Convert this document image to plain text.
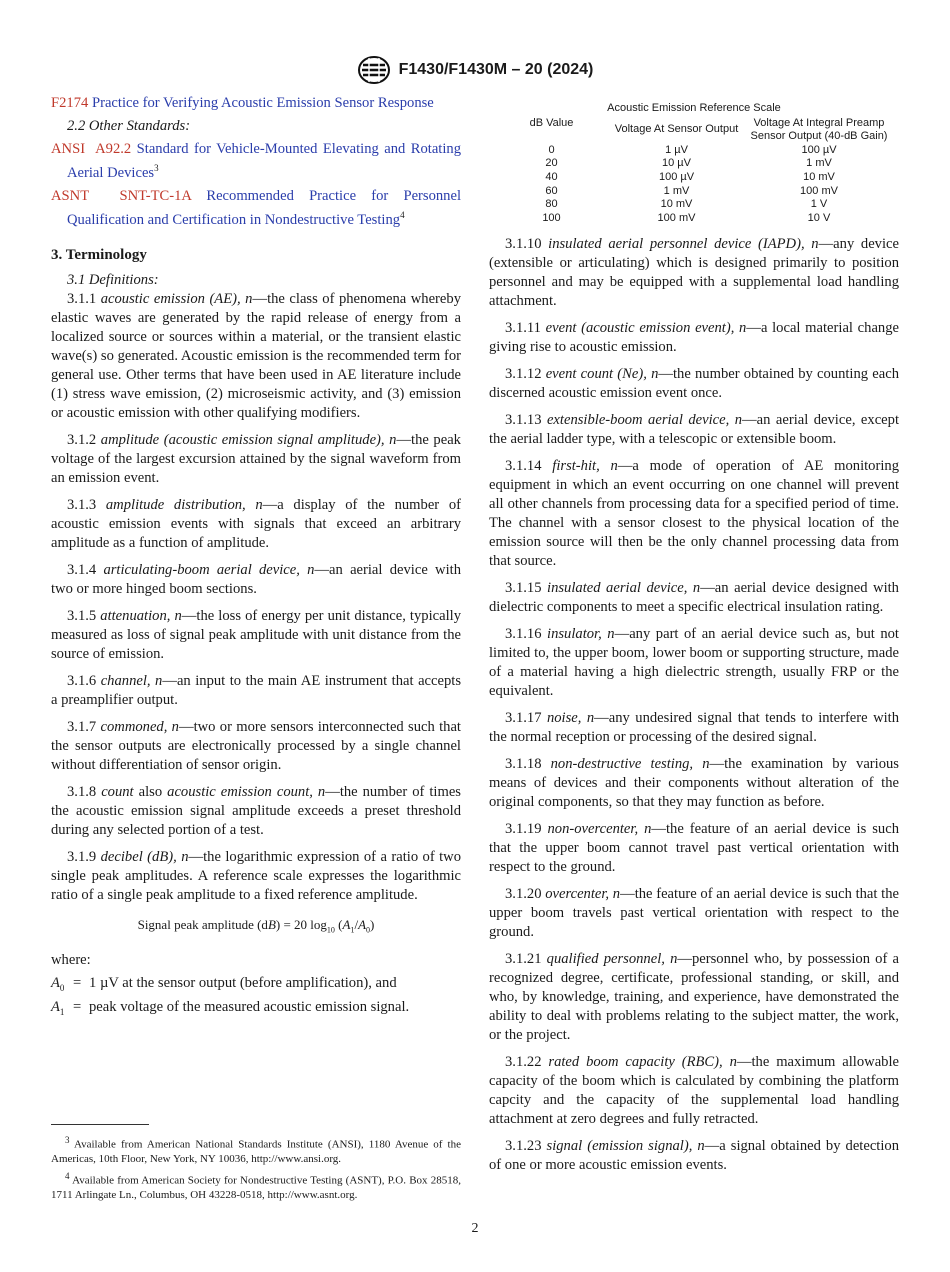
F1430/F1430M – 20 (2024)

F2174 Practice for Verifying Acoustic Emission Sensor Response

2.2 Other Standards:

ANSI A92.2 Standard for Vehicle-Mounted Elevating and Rotating Aerial Devices$^3$

ASNT SNT-TC-1A Recommended Practice for Personnel Qualification and Certification in Nondestructive Testing$^4$

3. Terminology

3.1 Definitions:

3.1.1 acoustic emission (AE), n—the class of phenomena whereby elastic waves are generated by the rapid release of energy from a localized source or sources within a material, or the transient elastic wave(s) so generated. Acoustic emission is the recommended term for general use. Other terms that have been used in AE literature include (1) stress wave emission, (2) microseismic activity, and (3) emission or acoustic emission with other qualifying modifiers.

3.1.2 amplitude (acoustic emission signal amplitude), n—the peak voltage of the largest excursion attained by the signal waveform from an emission event.

3.1.3 amplitude distribution, n—a display of the number of acoustic emission events with signals that exceed an arbitrary amplitude as a function of amplitude.

3.1.4 articulating-boom aerial device, n—an aerial device with two or more hinged boom sections.

3.1.5 attenuation, n—the loss of energy per unit distance, typically measured as loss of signal peak amplitude with unit distance from the source of emission.

3.1.6 channel, n—an input to the main AE instrument that accepts a preamplifier output.

3.1.7 commoned, n—two or more sensors interconnected such that the sensor outputs are electronically processed by a single channel without differentiation of sensor origin.

3.1.8 count also acoustic emission count, n—the number of times the acoustic emission signal amplitude exceeds a preset threshold during any selected portion of a test.

3.1.9 decibel (dB), n—the logarithmic expression of a ratio of two single peak amplitudes. A reference scale expresses the logarithmic ratio of a single peak amplitude to a fixed reference amplitude.

Signal peak amplitude (dB) = 20 $\log_{10} (A_1/A_0)$

where:

$A_0 = 1$ µV at the sensor output (before amplification), and
$A_1$ = peak voltage of the measured acoustic emission signal.
Acoustic Emission Reference Scale
dB Value	Voltage At Sensor Output	Voltage At Integral Preamp Sensor Output (40-dB Gain)
0	1 µV	100 µV
20	10 µV	1 mV
40	100 µV	10 mV
60	1 mV	100 mV
80	10 mV	1 V
100	100 mV	10 V

3.1.10 insulated aerial personnel device (IAPD), n—any device (extensible or articulating) which is designed primarily to position personnel and may be equipped with a supplemental load handling attachment.

3.1.11 event (acoustic emission event), n—a local material change giving rise to acoustic emission.

3.1.12 event count (Ne), n—the number obtained by counting each discerned acoustic emission event once.

3.1.13 extensible-boom aerial device, n—an aerial device, except the aerial ladder type, with a telescopic or extensible boom.

3.1.14 first-hit, n—a mode of operation of AE monitoring equipment in which an event occurring on one channel will prevent all other channels from processing data for a specified period of time. The channel with a sensor closest to the physical location of the emission source will then be the only channel processing data from that source.

3.1.15 insulated aerial device, n—an aerial device designed with dielectric components to meet a specific electrical insulation rating.

3.1.16 insulator, n—any part of an aerial device such as, but not limited to, the upper boom, lower boom or supporting structure, made of a material having a high dielectric strength, usually FRP or the equivalent.

3.1.17 noise, n—any undesired signal that tends to interfere with the normal reception or processing of the desired signal.

3.1.18 non-destructive testing, n—the examination by various means of devices and their components without alteration of the original components, so that they may function as before.

3.1.19 non-overcenter, n—the feature of an aerial device is such that the upper boom cannot travel past vertical orientation with respect to the ground.

3.1.20 overcenter, n—the feature of an aerial device is such that the upper boom travels past vertical orientation with respect to the ground.

3.1.21 qualified personnel, n—personnel who, by possession of a recognized degree, certificate, professional standing, or skill, and who, by knowledge, training, and experience, have demonstrated the ability to deal with problems relating to the subject matter, the work, or the project.

3.1.22 rated boom capacity (RBC), n—the maximum allowable capacity of the boom which is calculated by combining the platform capcity and the capacity of the supplemental load handling attachment at zero degrees and fully retracted.

3.1.23 signal (emission signal), n—a signal obtained by detection of one or more acoustic emission events.

$^3$ Available from American National Standards Institute (ANSI), 1180 Avenue of the Americas, 10th Floor, New York, NY 10036, http://www.ansi.org.

$^4$ Available from American Society for Nondestructive Testing (ASNT), P.O. Box 28518, 1711 Arlingate Ln., Columbus, OH 43228-0518, http://www.asnt.org.

2
